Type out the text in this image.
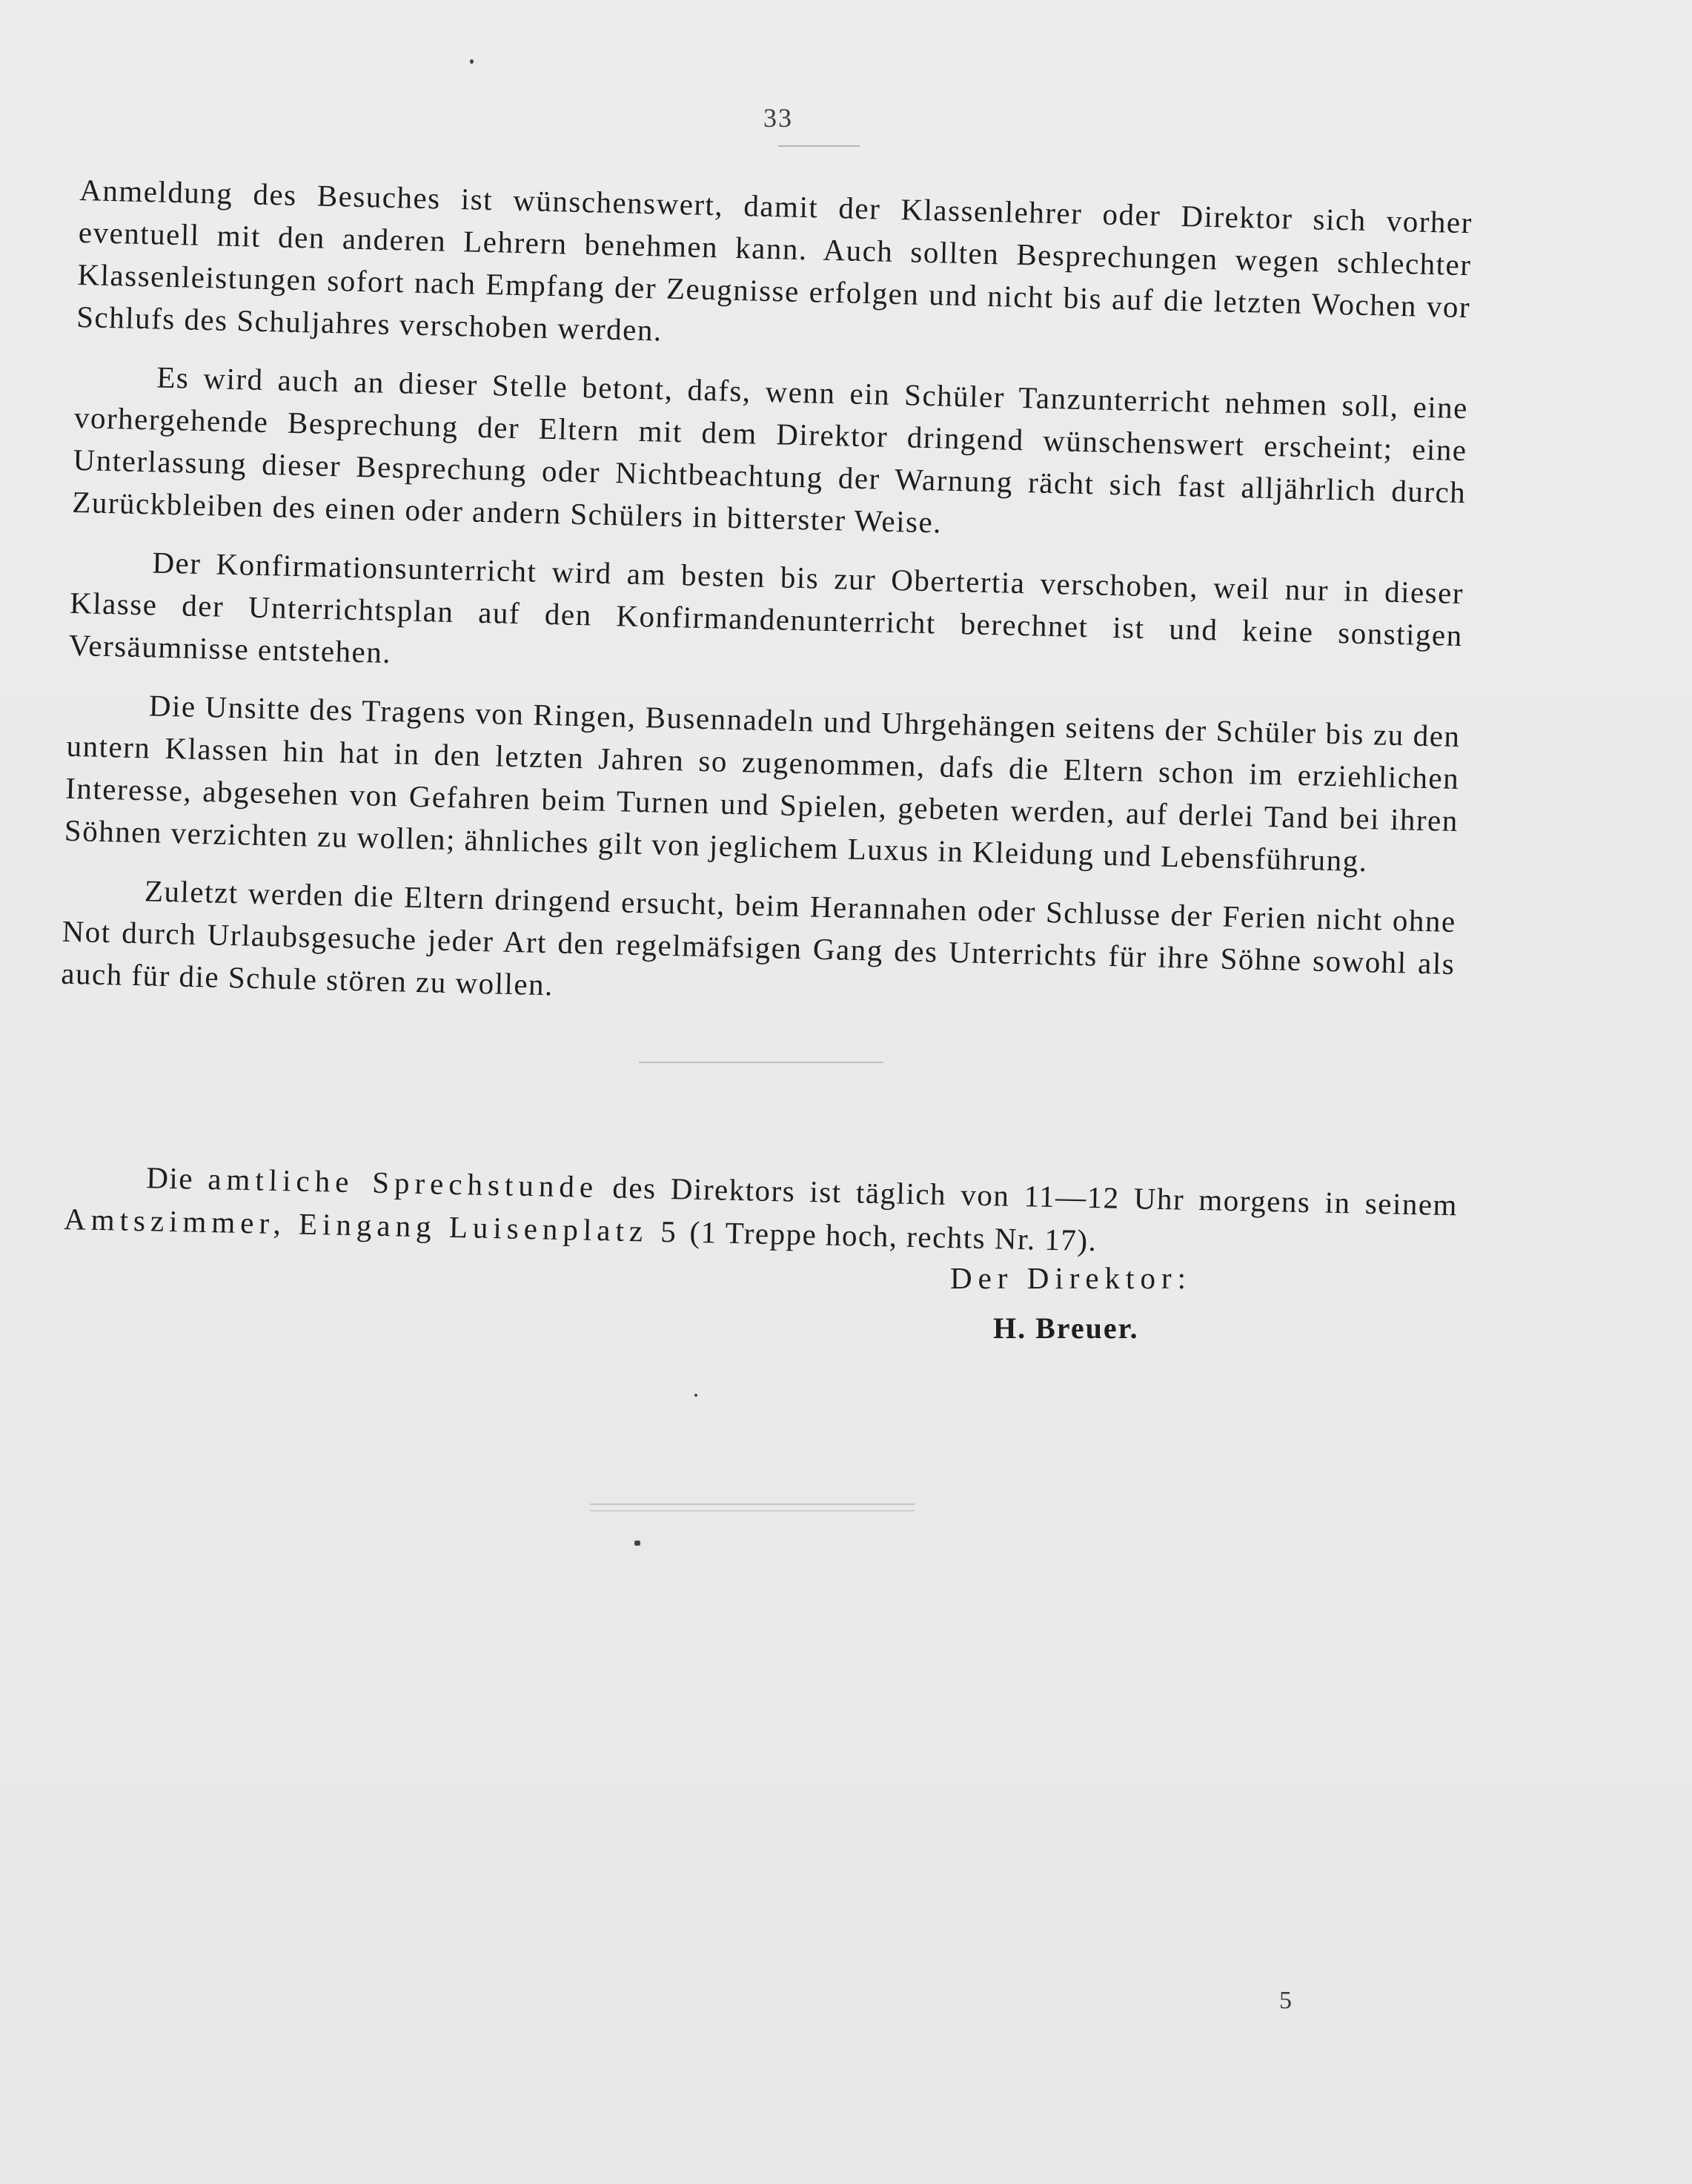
33

Anmeldung des Besuches ist wünschenswert, damit der Klassenlehrer oder Direktor sich vorher eventuell mit den anderen Lehrern benehmen kann. Auch sollten Besprechungen wegen schlechter Klassenleistungen sofort nach Empfang der Zeugnisse erfolgen und nicht bis auf die letzten Wochen vor Schlufs des Schuljahres verschoben werden.

Es wird auch an dieser Stelle betont, dafs, wenn ein Schüler Tanzunterricht nehmen soll, eine vorhergehende Besprechung der Eltern mit dem Direktor dringend wünschenswert erscheint; eine Unterlassung dieser Besprechung oder Nichtbeachtung der Warnung rächt sich fast alljährlich durch Zurückbleiben des einen oder andern Schülers in bitterster Weise.

Der Konfirmationsunterricht wird am besten bis zur Obertertia verschoben, weil nur in dieser Klasse der Unterrichtsplan auf den Konfirmandenunterricht berechnet ist und keine sonstigen Versäumnisse entstehen.

Die Unsitte des Tragens von Ringen, Busennadeln und Uhrgehängen seitens der Schüler bis zu den untern Klassen hin hat in den letzten Jahren so zugenommen, dafs die Eltern schon im erziehlichen Interesse, abgesehen von Gefahren beim Turnen und Spielen, gebeten werden, auf derlei Tand bei ihren Söhnen verzichten zu wollen; ähnliches gilt von jeglichem Luxus in Kleidung und Lebensführung.

Zuletzt werden die Eltern dringend ersucht, beim Herannahen oder Schlusse der Ferien nicht ohne Not durch Urlaubsgesuche jeder Art den regelmäfsigen Gang des Unterrichts für ihre Söhne sowohl als auch für die Schule stören zu wollen.

Die amtliche Sprechstunde des Direktors ist täglich von 11—12 Uhr morgens in seinem Amtszimmer, Eingang Luisenplatz 5 (1 Treppe hoch, rechts Nr. 17).

Der Direktor:
H. Breuer.
5
